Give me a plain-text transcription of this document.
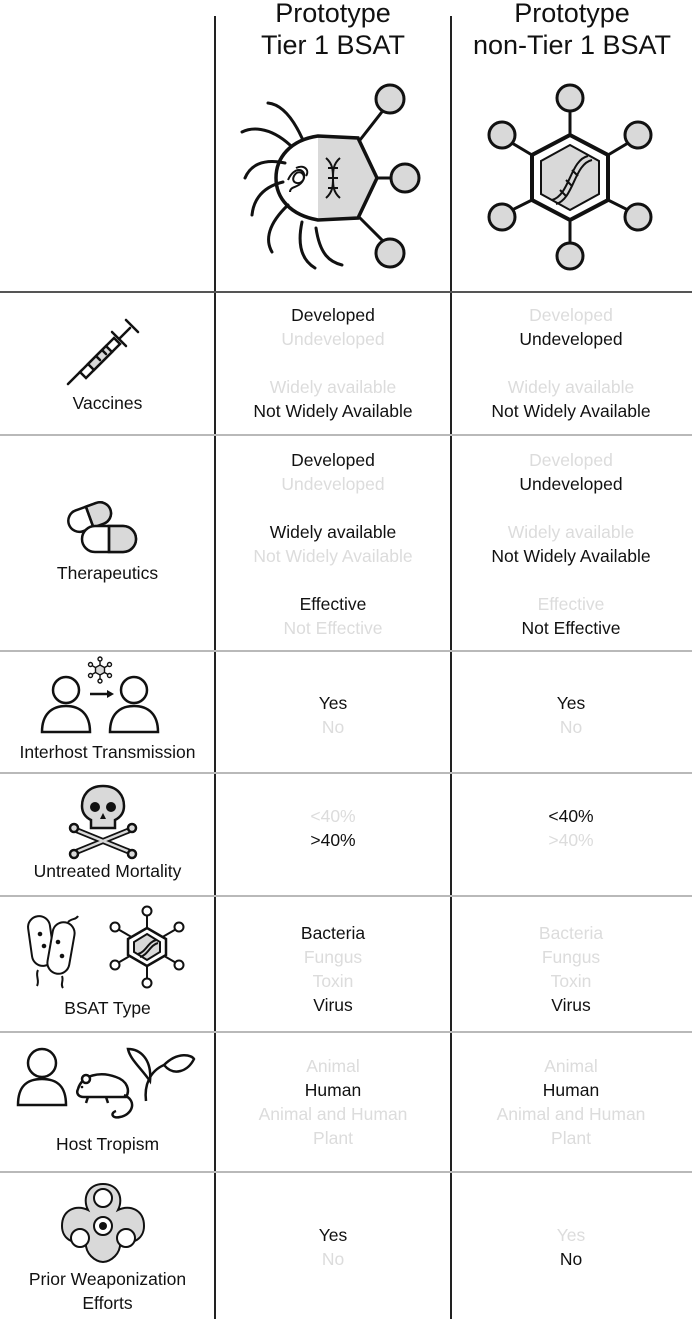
Prototype
Tier 1 BSAT
Prototype
non-Tier 1 BSAT
Vaccines
Developed
Undeveloped
Widely available
Not Widely Available
Developed
Undeveloped
Widely available
Not Widely Available
Therapeutics
Developed
Undeveloped
Widely available
Not Widely Available
Effective
Not Effective
Developed
Undeveloped
Widely available
Not Widely Available
Effective
Not Effective
Interhost Transmission
Yes
No
Yes
No
Untreated Mortality
<40%
>40%
<40%
>40%
BSAT Type
Bacteria
Fungus
Toxin
Virus
Bacteria
Fungus
Toxin
Virus
Host Tropism
Animal
Human
Animal and Human
Plant
Animal
Human
Animal and Human
Plant
Prior Weaponization
Efforts
Yes
No
Yes
No
